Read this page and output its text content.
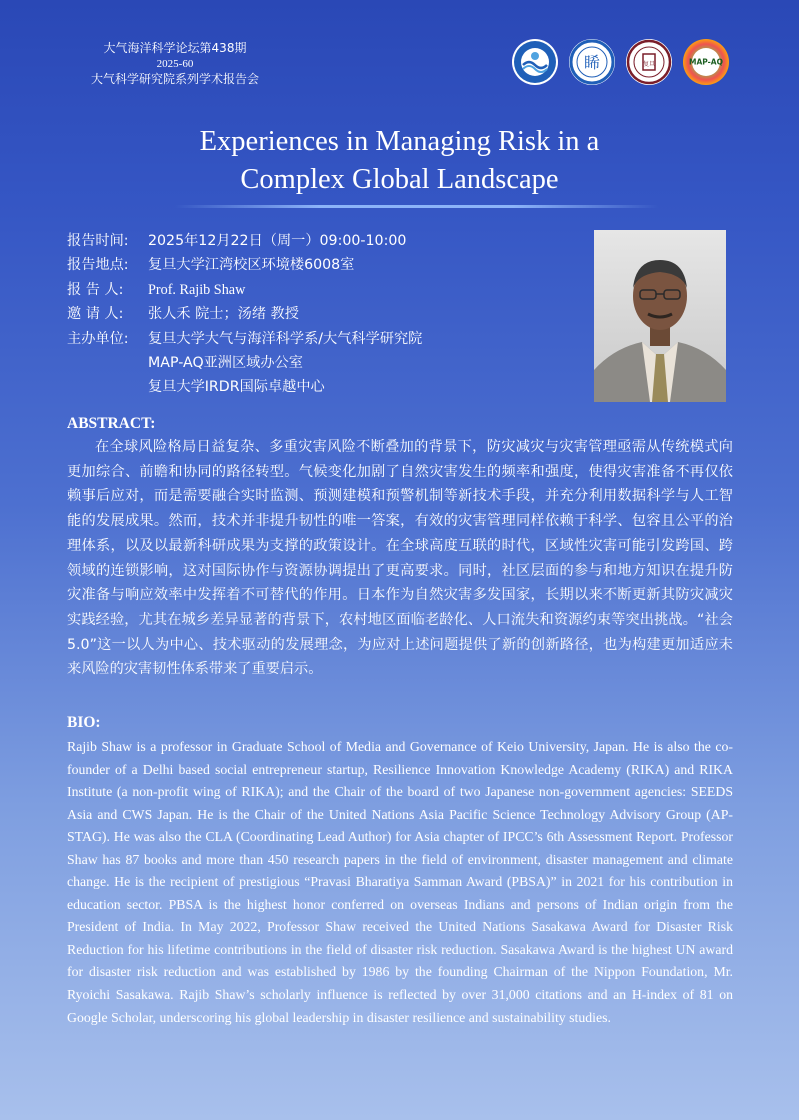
大气海洋科学论坛第438期
2025-60
大气科学研究院系列学术报告会
睎	复旦	MAP-AQ
Experiences in Managing Risk in a
Complex Global Landscape
报告时间:	2025年12月22日（周一）09:00-10:00
报告地点:	复旦大学江湾校区环境楼6008室
报 告 人:	Prof. Rajib Shaw
邀 请 人:	张人禾 院士；汤绪 教授
主办单位:	复旦大学大气与海洋科学系/大气科学研究院
MAP-AQ亚洲区域办公室
复旦大学IRDR国际卓越中心
ABSTRACT:
在全球风险格局日益复杂、多重灾害风险不断叠加的背景下，防灾减灾与灾害管理亟需从传统模式向更加综合、前瞻和协同的路径转型。气候变化加剧了自然灾害发生的频率和强度，使得灾害准备不再仅依赖事后应对，而是需要融合实时监测、预测建模和预警机制等新技术手段，并充分利用数据科学与人工智能的发展成果。然而，技术并非提升韧性的唯一答案，有效的灾害管理同样依赖于科学、包容且公平的治理体系，以及以最新科研成果为支撑的政策设计。在全球高度互联的时代，区域性灾害可能引发跨国、跨领域的连锁影响，这对国际协作与资源协调提出了更高要求。同时，社区层面的参与和地方知识在提升防灾准备与响应效率中发挥着不可替代的作用。日本作为自然灾害多发国家，长期以来不断更新其防灾减灾实践经验，尤其在城乡差异显著的背景下，农村地区面临老龄化、人口流失和资源约束等突出挑战。“社会5.0”这一以人为中心、技术驱动的发展理念，为应对上述问题提供了新的创新路径，也为构建更加适应未来风险的灾害韧性体系带来了重要启示。
BIO:
Rajib Shaw is a professor in Graduate School of Media and Governance of Keio University, Japan. He is also the co-founder of a Delhi based social entrepreneur startup, Resilience Innovation Knowledge Academy (RIKA) and RIKA Institute (a non-profit wing of RIKA); and the Chair of the board of two Japanese non-government agencies: SEEDS Asia and CWS Japan. He is the Chair of the United Nations Asia Pacific Science Technology Advisory Group (AP-STAG). He was also the CLA (Coordinating Lead Author) for Asia chapter of IPCC’s 6th Assessment Report. Professor Shaw has 87 books and more than 450 research papers in the field of environment, disaster management and climate change. He is the recipient of prestigious “Pravasi Bharatiya Samman Award (PBSA)” in 2021 for his contribution in education sector. PBSA is the highest honor conferred on overseas Indians and persons of Indian origin from the President of India. In May 2022, Professor Shaw received the United Nations Sasakawa Award for Disaster Risk Reduction for his lifetime contributions in the field of disaster risk reduction. Sasakawa Award is the highest UN award for disaster risk reduction and was established by 1986 by the founding Chairman of the Nippon Foundation, Mr. Ryoichi Sasakawa. Rajib Shaw’s scholarly influence is reflected by over 31,000 citations and an H-index of 81 on Google Scholar, underscoring his global leadership in disaster resilience and sustainability studies.
